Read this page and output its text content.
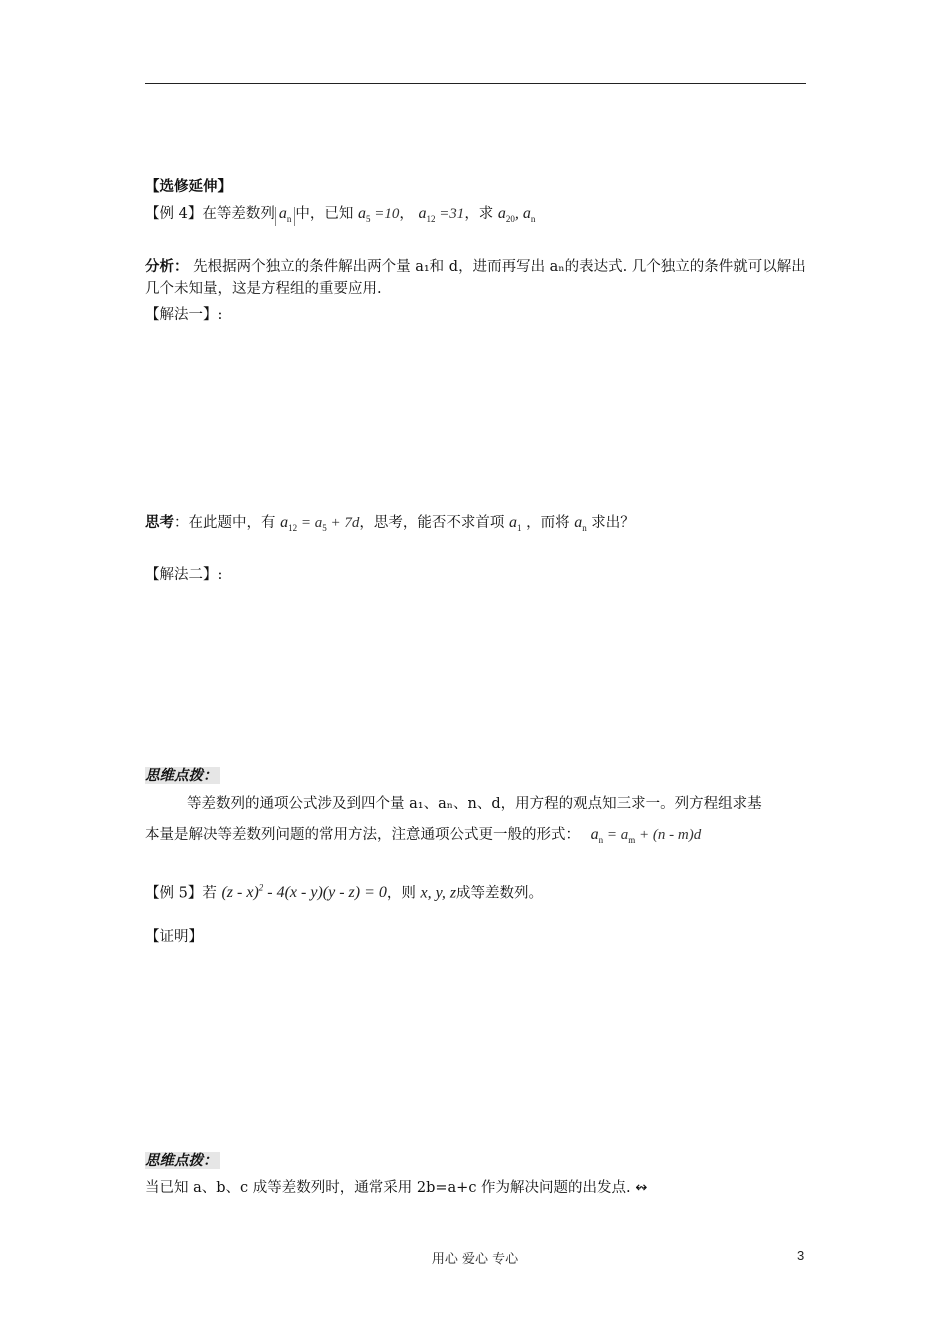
【选修延伸】
【例 4】在等差数列 $a_n$ 中，已知 $a_5 =10$， $a_{12} =31$，求 $a_{20}$, $a_n$
分析： 先根据两个独立的条件解出两个量 a₁和 d，进而再写出 aₙ的表达式. 几个独立的条件就可以解出几个未知量，这是方程组的重要应用.
【解法一】:
思考：在此题中，有 $a_{12} = a_5 + 7d$，思考，能否不求首项 $a_1$ ，而将 $a_n$ 求出？
【解法二】:
思维点拨：
等差数列的通项公式涉及到四个量 a₁、aₙ、n、d，用方程的观点知三求一。列方程组求基
本量是解决等差数列问题的常用方法，注意通项公式更一般的形式： $a_n = a_m + (n - m)d$
【例 5】若 (z - x)$^2$ - 4(x - y)(y - z) = 0，则 x, y, z成等差数列。
【证明】
思维点拨：
当已知 a、b、c 成等差数列时，通常采用 2b=a+c 作为解决问题的出发点. ↭
用心 爱心 专心	3
